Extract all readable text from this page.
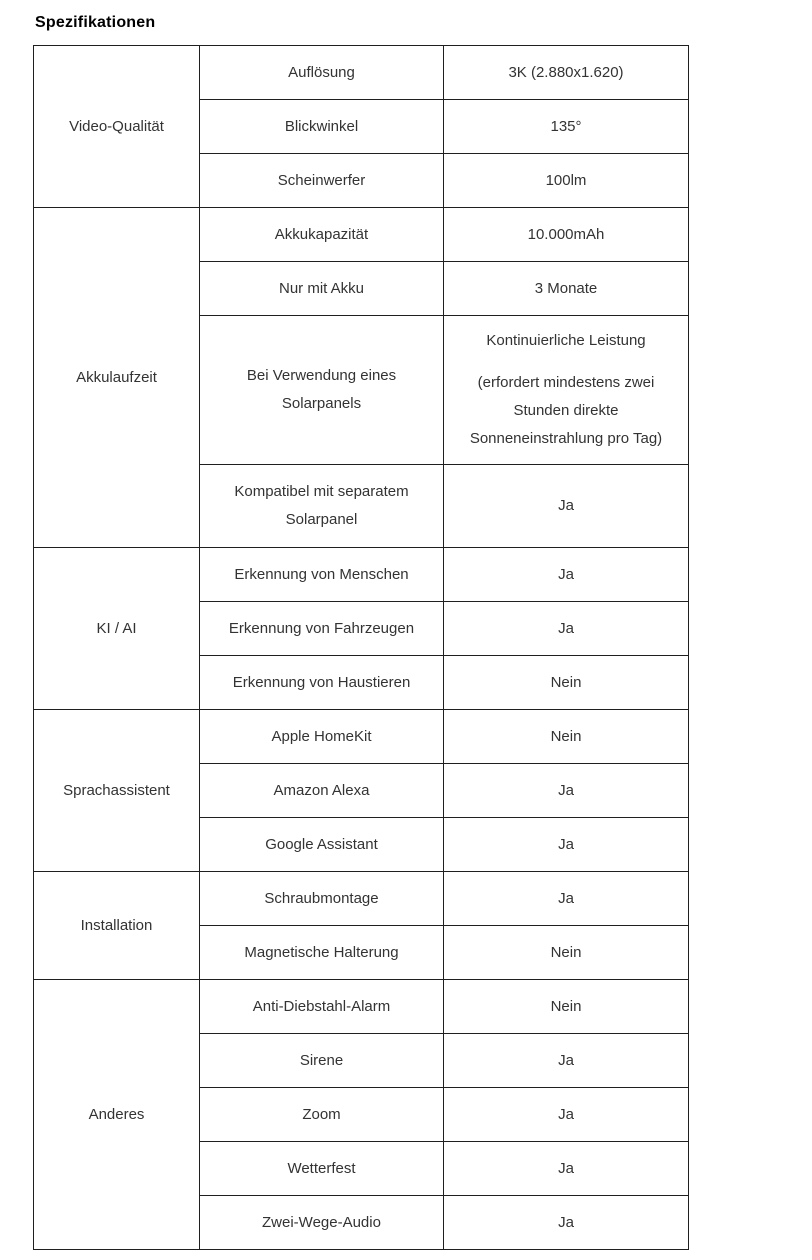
Spezifikationen
Video-Qualität	Auflösung	3K (2.880x1.620)
	Blickwinkel	135°
	Scheinwerfer	100lm
Akkulaufzeit	Akkukapazität	10.000mAh
	Nur mit Akku	3 Monate
	Bei Verwendung eines Solarpanels	Kontinuierliche Leistung

(erfordert mindestens zwei Stunden direkte Sonneneinstrahlung pro Tag)

	Kompatibel mit separatem Solarpanel	Ja
KI / AI	Erkennung von Menschen	Ja
	Erkennung von Fahrzeugen	Ja
	Erkennung von Haustieren	Nein
Sprachassistent	Apple HomeKit	Nein
	Amazon Alexa	Ja
	Google Assistant	Ja
Installation	Schraubmontage	Ja
	Magnetische Halterung	Nein
Anderes	Anti-Diebstahl-Alarm	Nein
	Sirene	Ja
	Zoom	Ja
	Wetterfest	Ja
	Zwei-Wege-Audio	Ja
